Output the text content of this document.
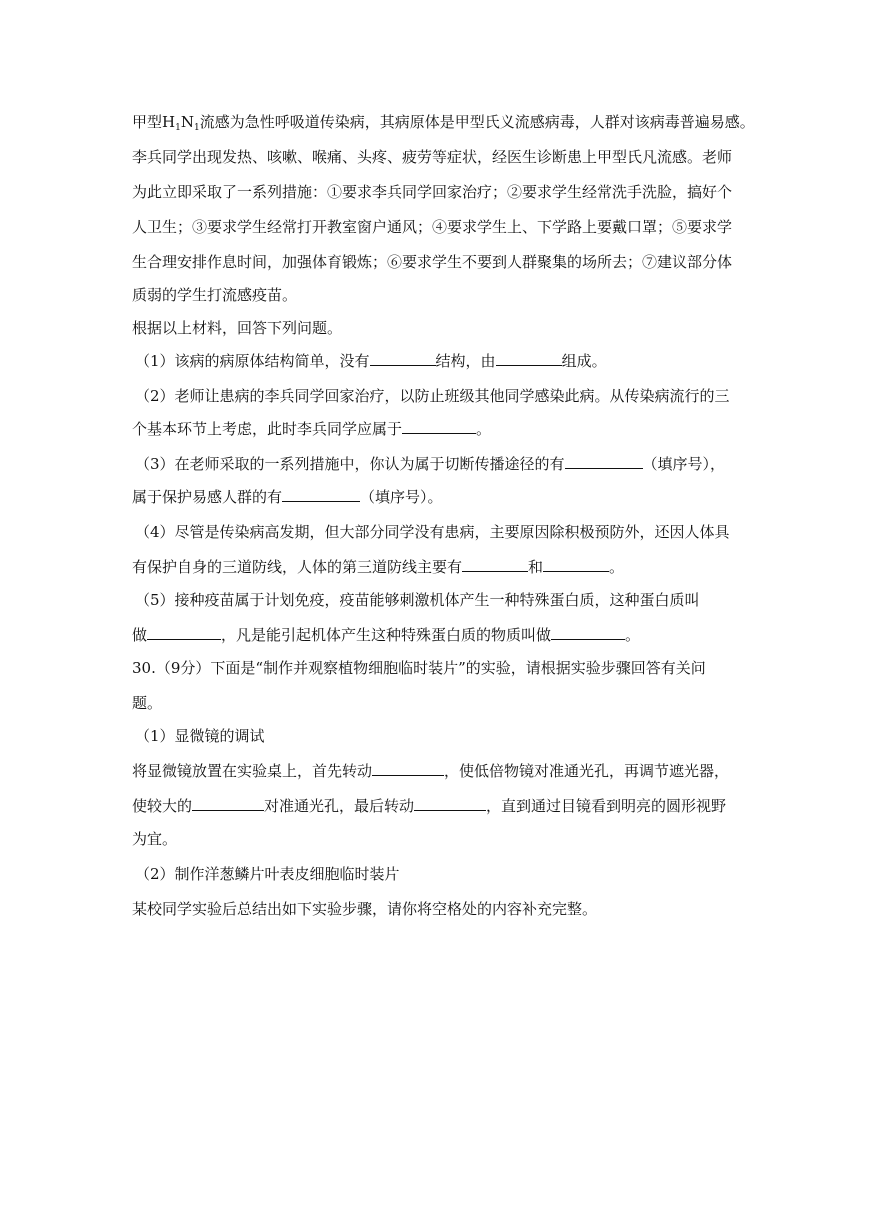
甲型$H_1N_1$流感为急性呼吸道传染病，其病原体是甲型氏义流感病毒，人群对该病毒普遍易感。
李兵同学出现发热、咳嗽、喉痛、头疼、疲劳等症状，经医生诊断患上甲型氏凡流感。老师
为此立即采取了一系列措施：①要求李兵同学回家治疗；②要求学生经常洗手洗脸，搞好个
人卫生；③要求学生经常打开教室窗户通风；④要求学生上、下学路上要戴口罩；⑤要求学
生合理安排作息时间，加强体育锻炼；⑥要求学生不要到人群聚集的场所去；⑦建议部分体
质弱的学生打流感疫苗。
根据以上材料，回答下列问题。
（1）该病的病原体结构简单，没有	结构，由	组成。
（2）老师让患病的李兵同学回家治疗，以防止班级其他同学感染此病。从传染病流行的三
个基本环节上考虑，此时李兵同学应属于	。
（3）在老师采取的一系列措施中，你认为属于切断传播途径的有	（填序号），
属于保护易感人群的有	（填序号）。
（4）尽管是传染病高发期，但大部分同学没有患病，主要原因除积极预防外，还因人体具
有保护自身的三道防线，人体的第三道防线主要有	和	。
（5）接种疫苗属于计划免疫，疫苗能够刺激机体产生一种特殊蛋白质，这种蛋白质叫
做	，凡是能引起机体产生这种特殊蛋白质的物质叫做	。
30.（9分）下面是“制作并观察植物细胞临时装片”的实验，请根据实验步骤回答有关问
题。
（1）显微镜的调试
将显微镜放置在实验桌上，首先转动	，使低倍物镜对准通光孔，再调节遮光器，
使较大的	对准通光孔，最后转动	，直到通过目镜看到明亮的圆形视野
为宜。
（2）制作洋葱鳞片叶表皮细胞临时装片
某校同学实验后总结出如下实验步骤，请你将空格处的内容补充完整。
